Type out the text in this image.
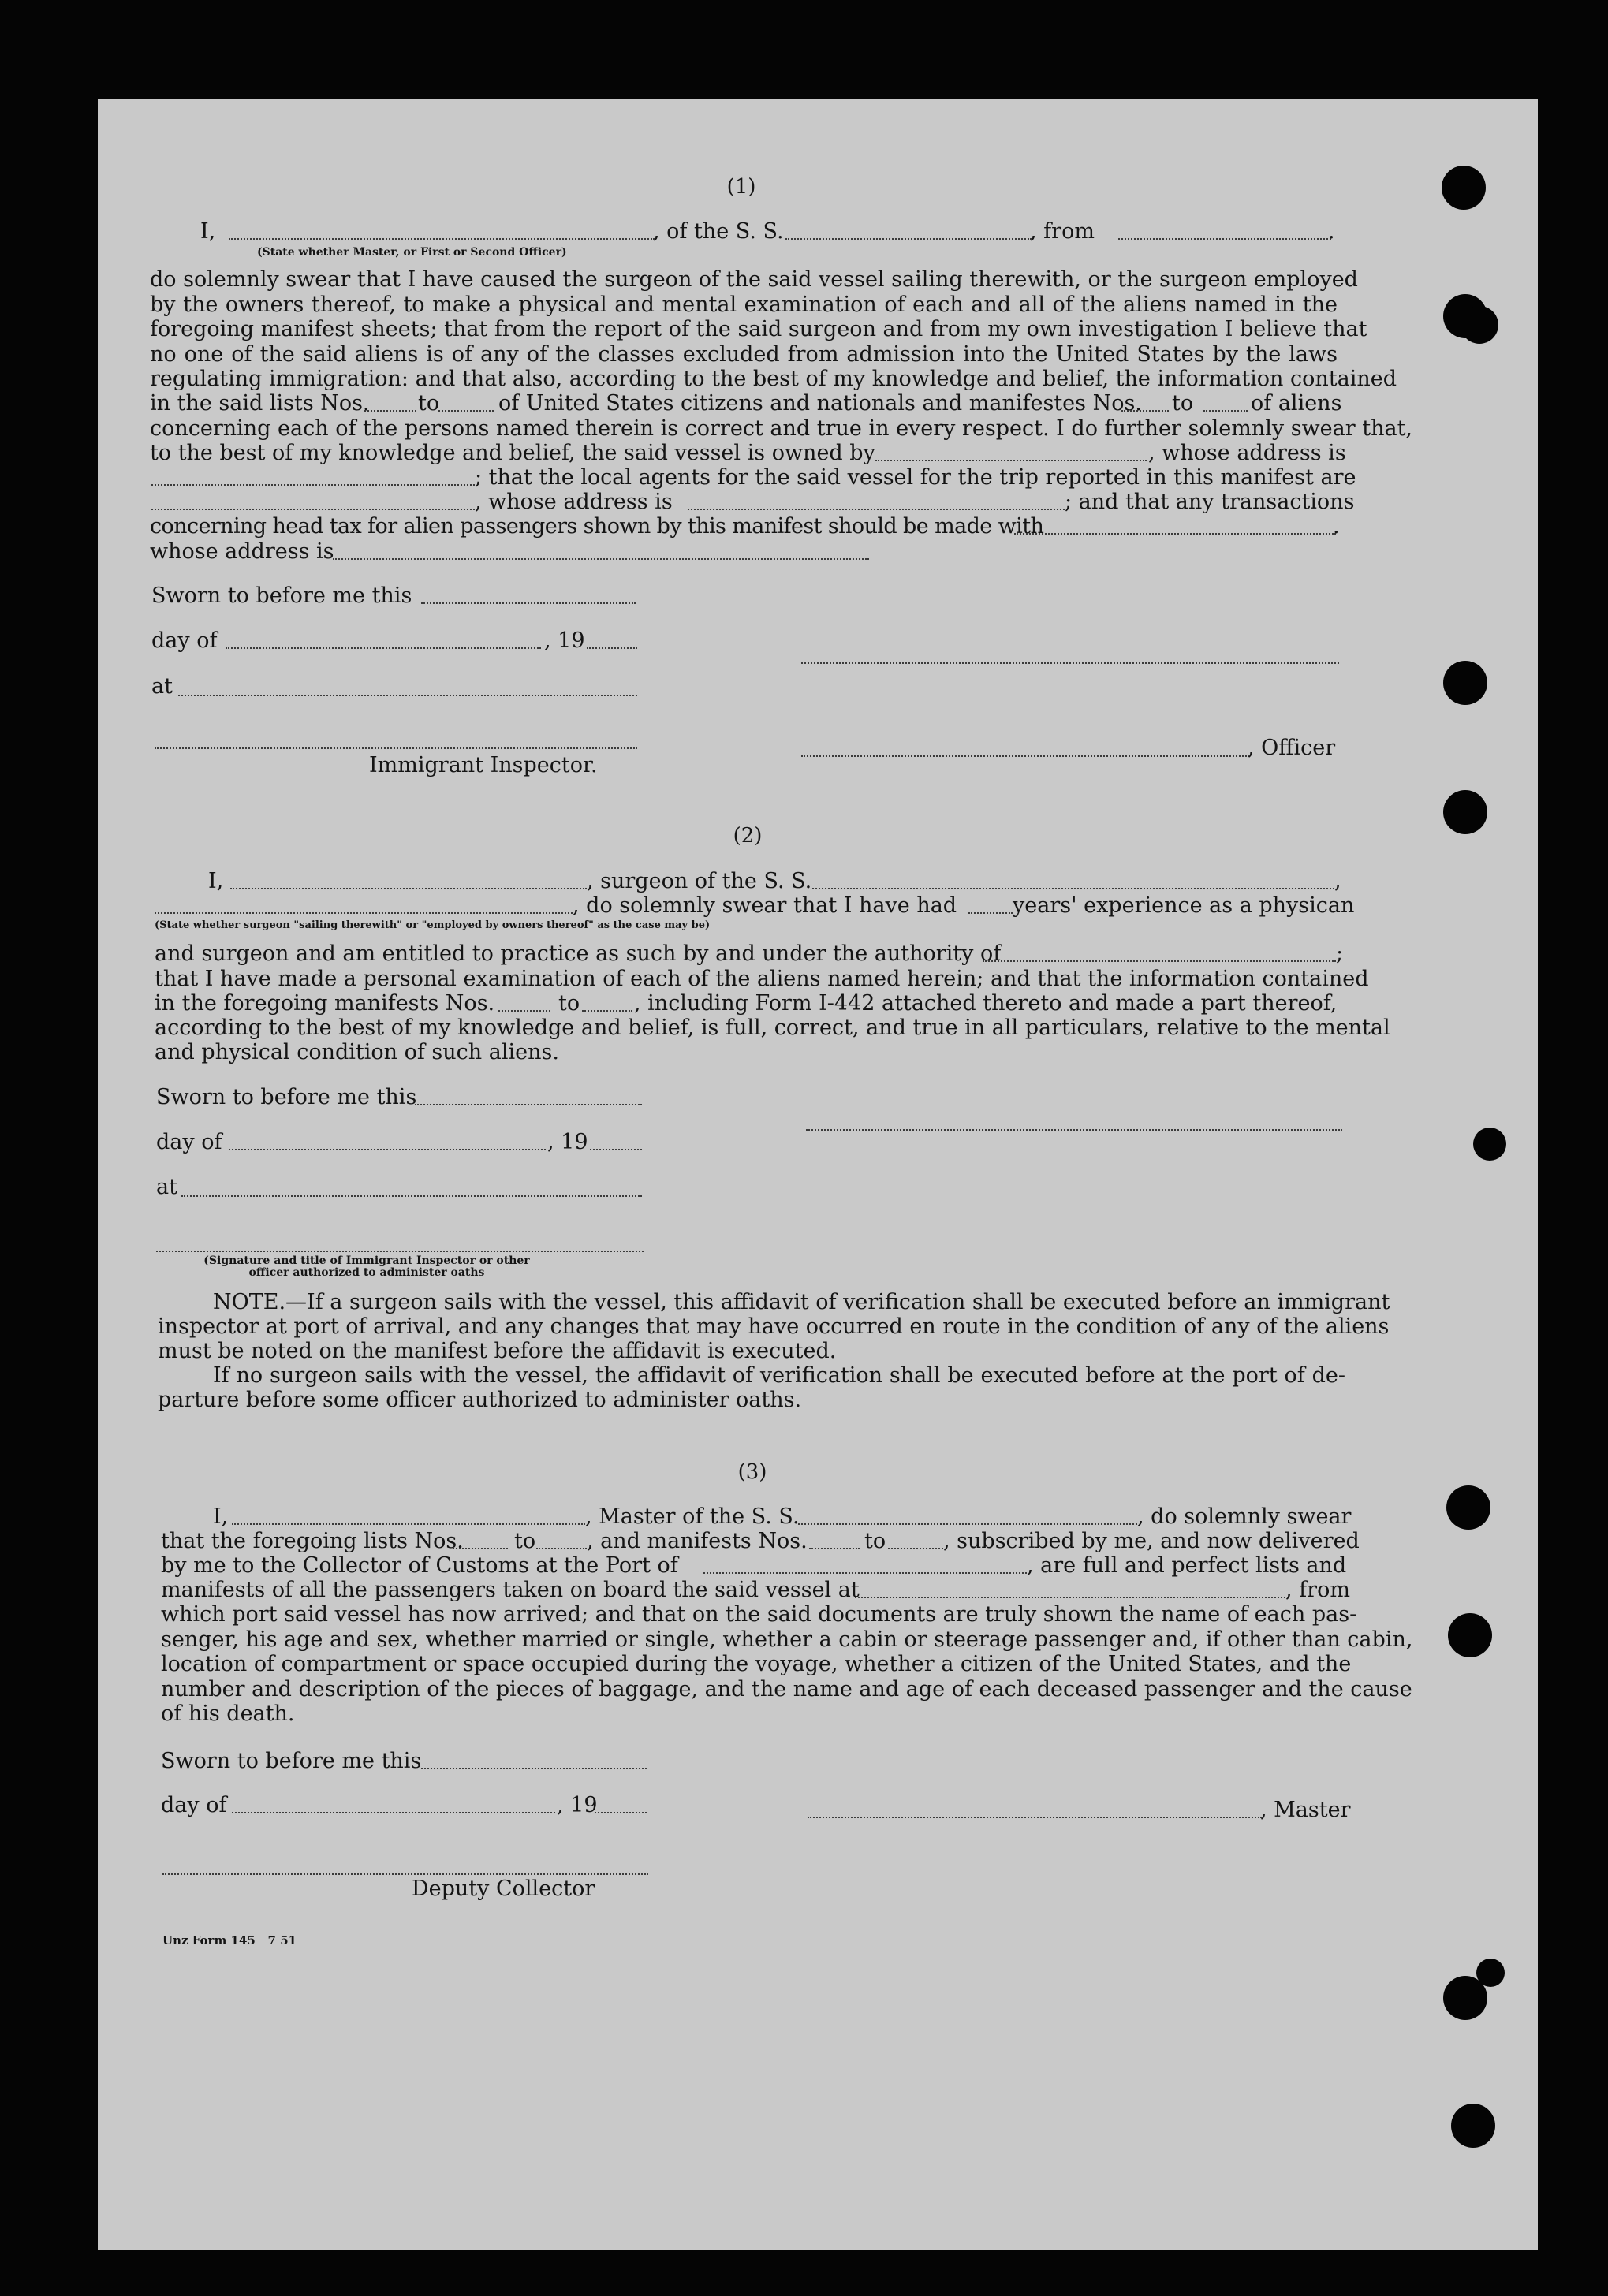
(1)
I,	, of the S. S.	, from	.
(State whether Master, or First or Second Officer)
do solemnly swear that I have caused the surgeon of the said vessel sailing therewith, or the surgeon employed
by the owners thereof, to make a physical and mental examination of each and all of the aliens named in the
foregoing manifest sheets; that from the report of the said surgeon and from my own investigation I believe that
no one of the said aliens is of any of the classes excluded from admission into the United States by the laws
regulating immigration: and that also, according to the best of my knowledge and belief, the information contained
in the said lists Nos. to	of United States citizens and nationals and manifestes Nos. to	of aliens
concerning each of the persons named therein is correct and true in every respect. I do further solemnly swear that,
to the best of my knowledge and belief, the said vessel is owned by	, whose address is
; that the local agents for the said vessel for the trip reported in this manifest are
, whose address is	; and that any transactions
concerning head tax for alien passengers shown by this manifest should be made with	.
whose address is
Sworn to before me this
day of	, 19
at
, Officer
Immigrant Inspector.
(2)
I,	, surgeon of the S. S.	,
, do solemnly swear that I have had	years' experience as a physican
(State whether surgeon "sailing therewith" or "employed by owners thereof" as the case may be)
and surgeon and am entitled to practice as such by and under the authority of	;
that I have made a personal examination of each of the aliens named herein; and that the information contained
in the foregoing manifests Nos.	to	, including Form I-442 attached thereto and made a part thereof,
according to the best of my knowledge and belief, is full, correct, and true in all particulars, relative to the mental
and physical condition of such aliens.
Sworn to before me this
day of	, 19
at
(Signature and title of Immigrant Inspector or other
officer authorized to administer oaths
NOTE.—If a surgeon sails with the vessel, this affidavit of verification shall be executed before an immigrant
inspector at port of arrival, and any changes that may have occurred en route in the condition of any of the aliens
must be noted on the manifest before the affidavit is executed.
If no surgeon sails with the vessel, the affidavit of verification shall be executed before at the port of de-
parture before some officer authorized to administer oaths.
(3)
I,	, Master of the S. S.	, do solemnly swear
that the foregoing lists Nos. to , and manifests Nos.	to	, subscribed by me, and now delivered
by me to the Collector of Customs at the Port of	, are full and perfect lists and
manifests of all the passengers taken on board the said vessel at	, from
which port said vessel has now arrived; and that on the said documents are truly shown the name of each pas-
senger, his age and sex, whether married or single, whether a cabin or steerage passenger and, if other than cabin,
location of compartment or space occupied during the voyage, whether a citizen of the United States, and the
number and description of the pieces of baggage, and the name and age of each deceased passenger and the cause
of his death.
Sworn to before me this
day of	, 19	, Master
Deputy Collector
Unz Form 145   7 51
